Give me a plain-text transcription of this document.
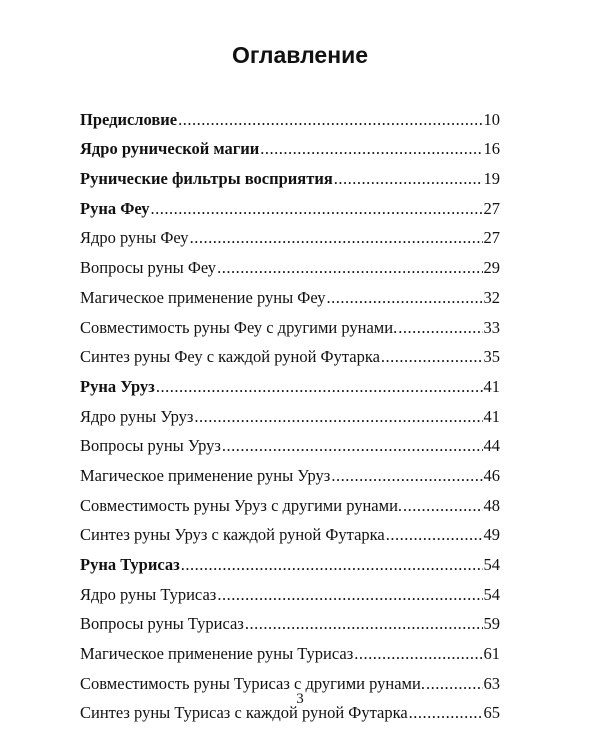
Оглавление
Предисловие .....	10
Ядро рунической магии .....	16
Рунические фильтры восприятия .....	19
Руна Феу .....	27
Ядро руны Феу .....	27
Вопросы руны Феу .....	29
Магическое применение руны Феу .....	32
Совместимость руны Феу с другими рунами. .....	33
Синтез руны Феу с каждой руной Футарка .....	35
Руна Уруз .....	41
Ядро руны Уруз .....	41
Вопросы руны Уруз .....	44
Магическое применение руны Уруз .....	46
Совместимость руны Уруз с другими рунами. .....	48
Синтез руны Уруз с каждой руной Футарка .....	49
Руна Турисаз .....	54
Ядро руны Турисаз .....	54
Вопросы руны Турисаз .....	59
Магическое применение руны Турисаз .....	61
Совместимость руны Турисаз с другими рунами. .....	63
Синтез руны Турисаз с каждой руной Футарка .....	65
3
